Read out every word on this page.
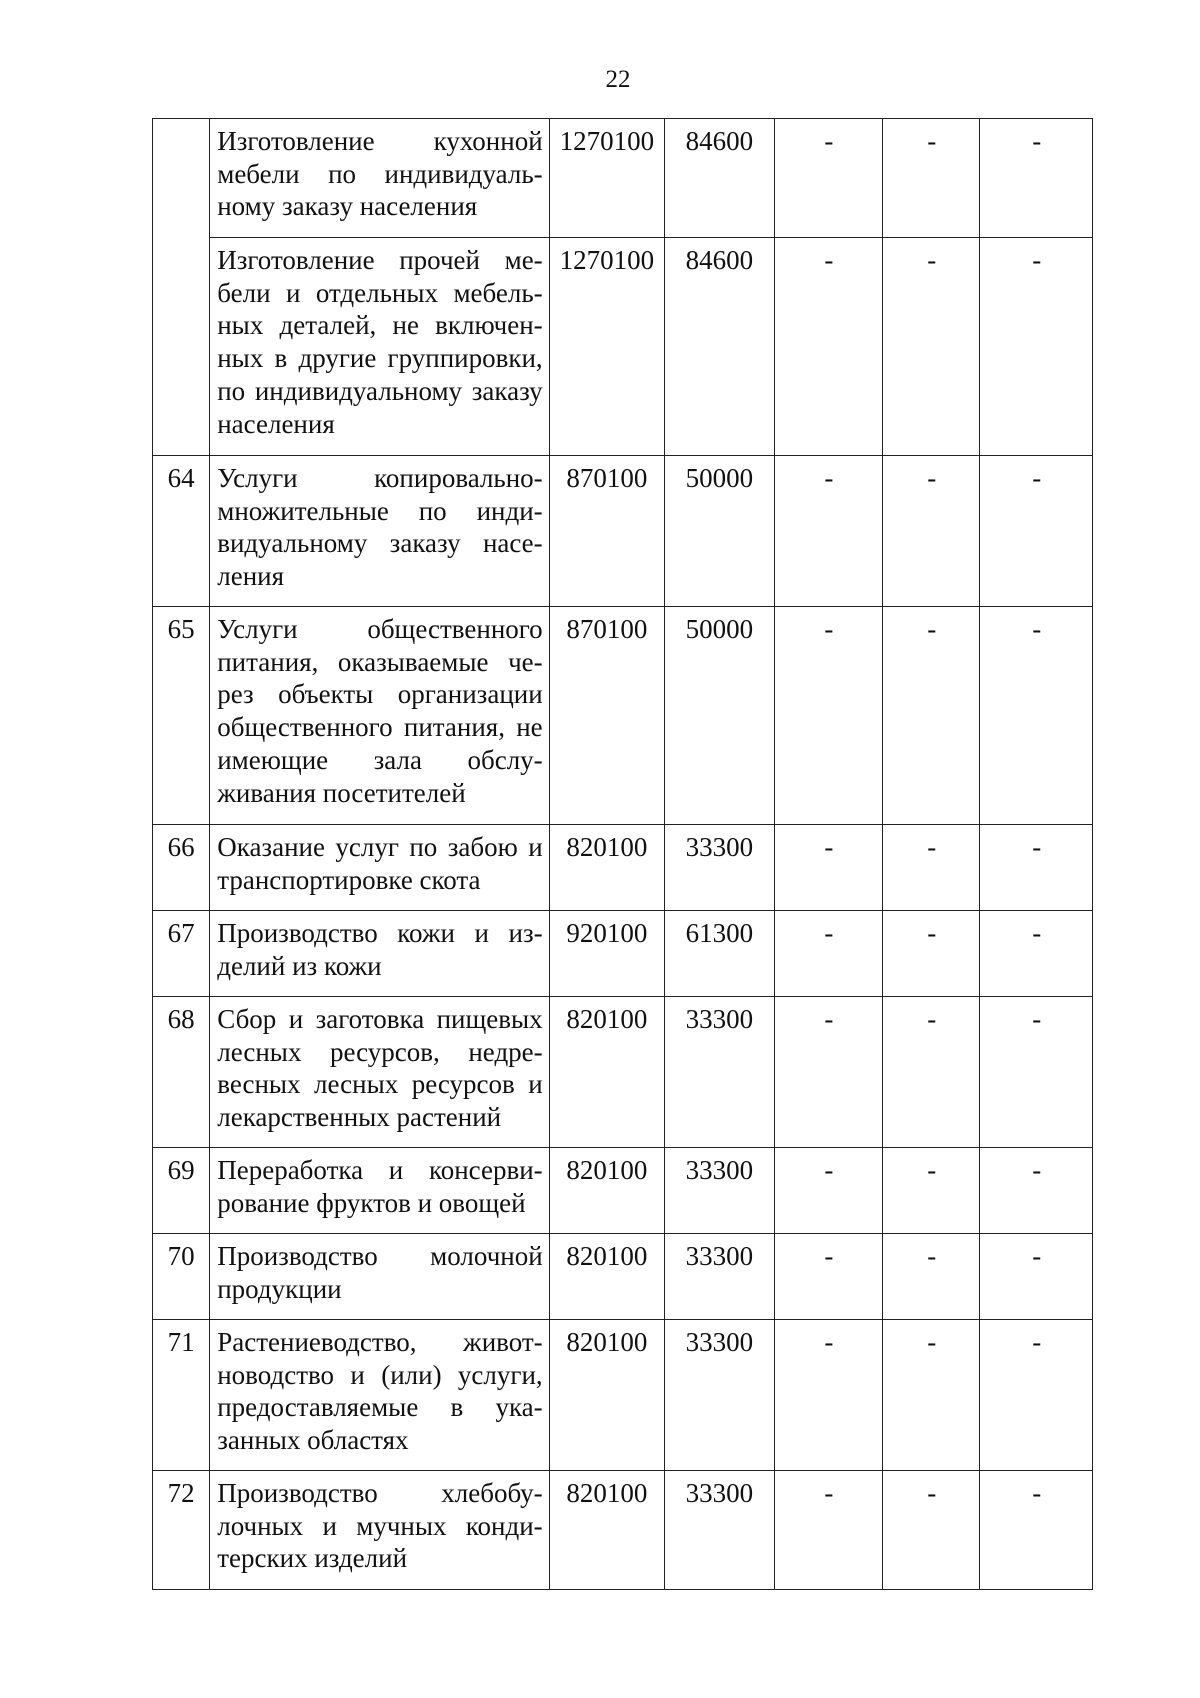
22
	Изготовление кухонной мебели по индивидуальному заказу населения	1270100	84600	-	-	-
	Изготовление прочей мебели и отдельных мебельных деталей, не включенных в другие группировки, по индивидуальному заказу населения	1270100	84600	-	-	-
64	Услуги копировально-множительные по индивидуальному заказу населения	870100	50000	-	-	-
65	Услуги общественного питания, оказываемые через объекты организации общественного питания, не имеющие зала обслуживания посетителей	870100	50000	-	-	-
66	Оказание услуг по забою и транспортировке скота	820100	33300	-	-	-
67	Производство кожи и изделий из кожи	920100	61300	-	-	-
68	Сбор и заготовка пищевых лесных ресурсов, недревесных лесных ресурсов и лекарственных растений	820100	33300	-	-	-
69	Переработка и консервирование фруктов и овощей	820100	33300	-	-	-
70	Производство молочной продукции	820100	33300	-	-	-
71	Растениеводство, животноводство и (или) услуги, предоставляемые в указанных областях	820100	33300	-	-	-
72	Производство хлебобулочных и мучных кондитерских изделий	820100	33300	-	-	-
